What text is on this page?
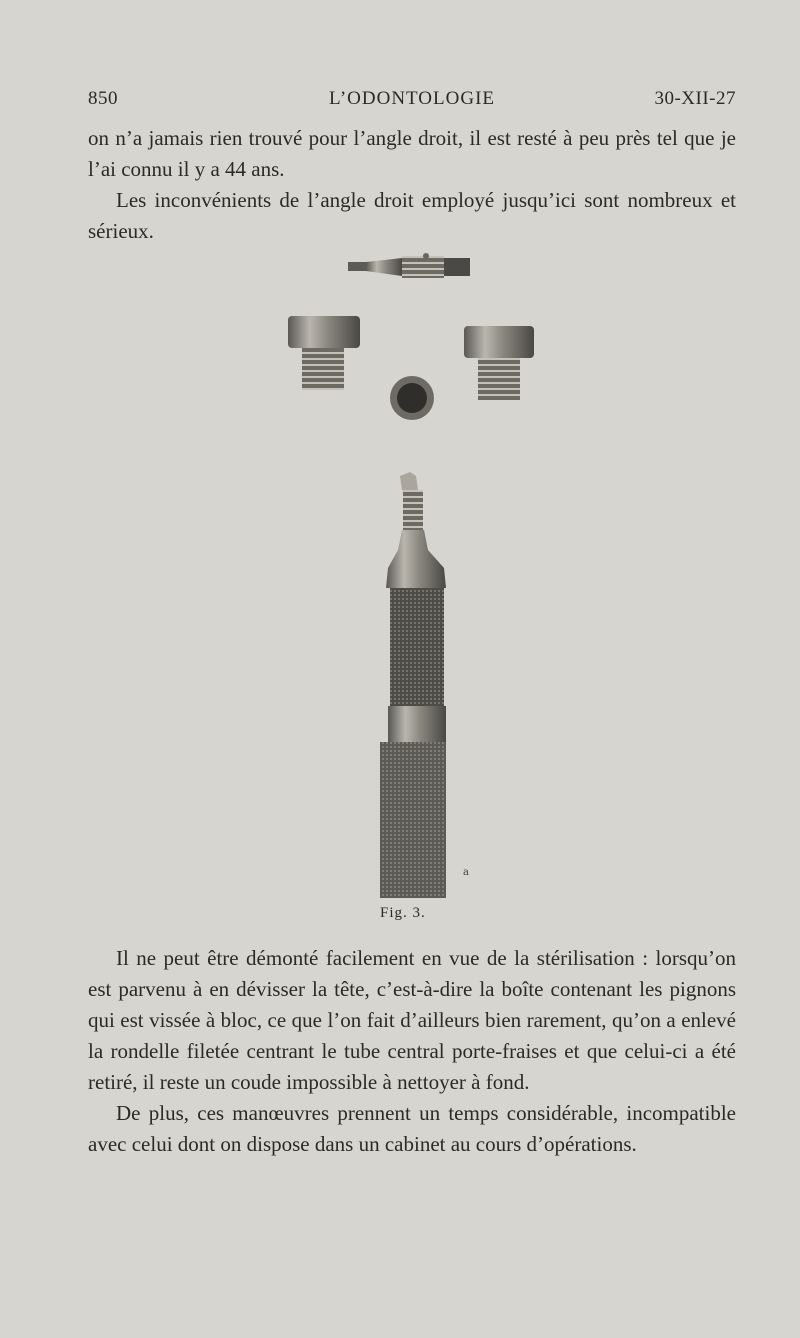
850	L’ODONTOLOGIE	30-XII-27

on n’a jamais rien trouvé pour l’angle droit, il est resté à peu près tel que je l’ai connu il y a 44 ans.

Les inconvénients de l’angle droit employé jusqu’ici sont nombreux et sérieux.

a
Fig. 3.

Il ne peut être démonté facilement en vue de la stérilisation : lorsqu’on est parvenu à en dévisser la tête, c’est-à-dire la boîte contenant les pignons qui est vissée à bloc, ce que l’on fait d’ailleurs bien rarement, qu’on a enlevé la rondelle filetée centrant le tube central porte-fraises et que celui-ci a été retiré, il reste un coude impossible à nettoyer à fond.

De plus, ces manœuvres prennent un temps considérable, incompatible avec celui dont on dispose dans un cabinet au cours d’opérations.
